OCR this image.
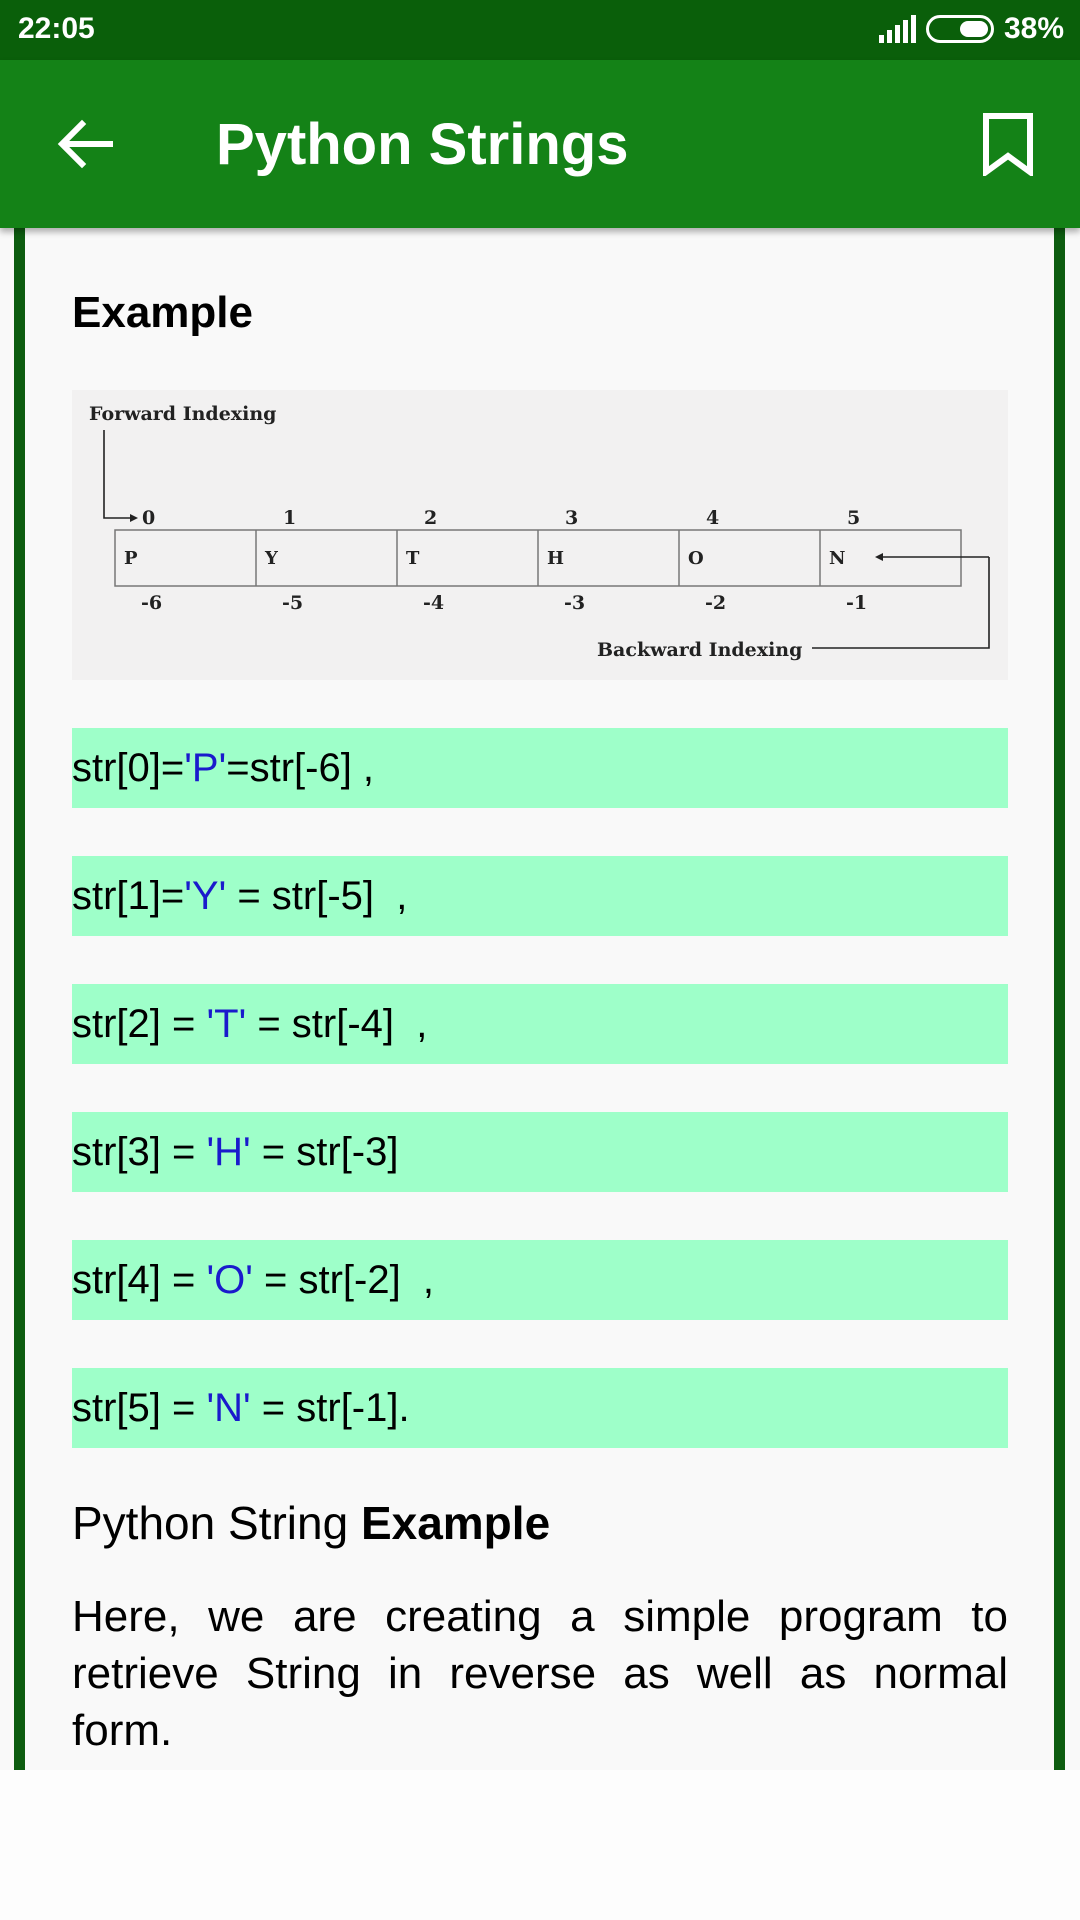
22:05	38%
Python Strings
Example
Forward Indexing
0	1	2	3	4	5
P	Y	T	H	O	N
-6	-5	-4	-3	-2	-1
Backward Indexing
str[0]='P'=str[-6] ,
str[1]='Y' = str[-5]  ,
str[2] = 'T' = str[-4]  ,
str[3] = 'H' = str[-3]
str[4] = 'O' = str[-2]  ,
str[5] = 'N' = str[-1].
Python String Example
Here, we are creating a simple program to retrieve String in reverse as well as normal form.
